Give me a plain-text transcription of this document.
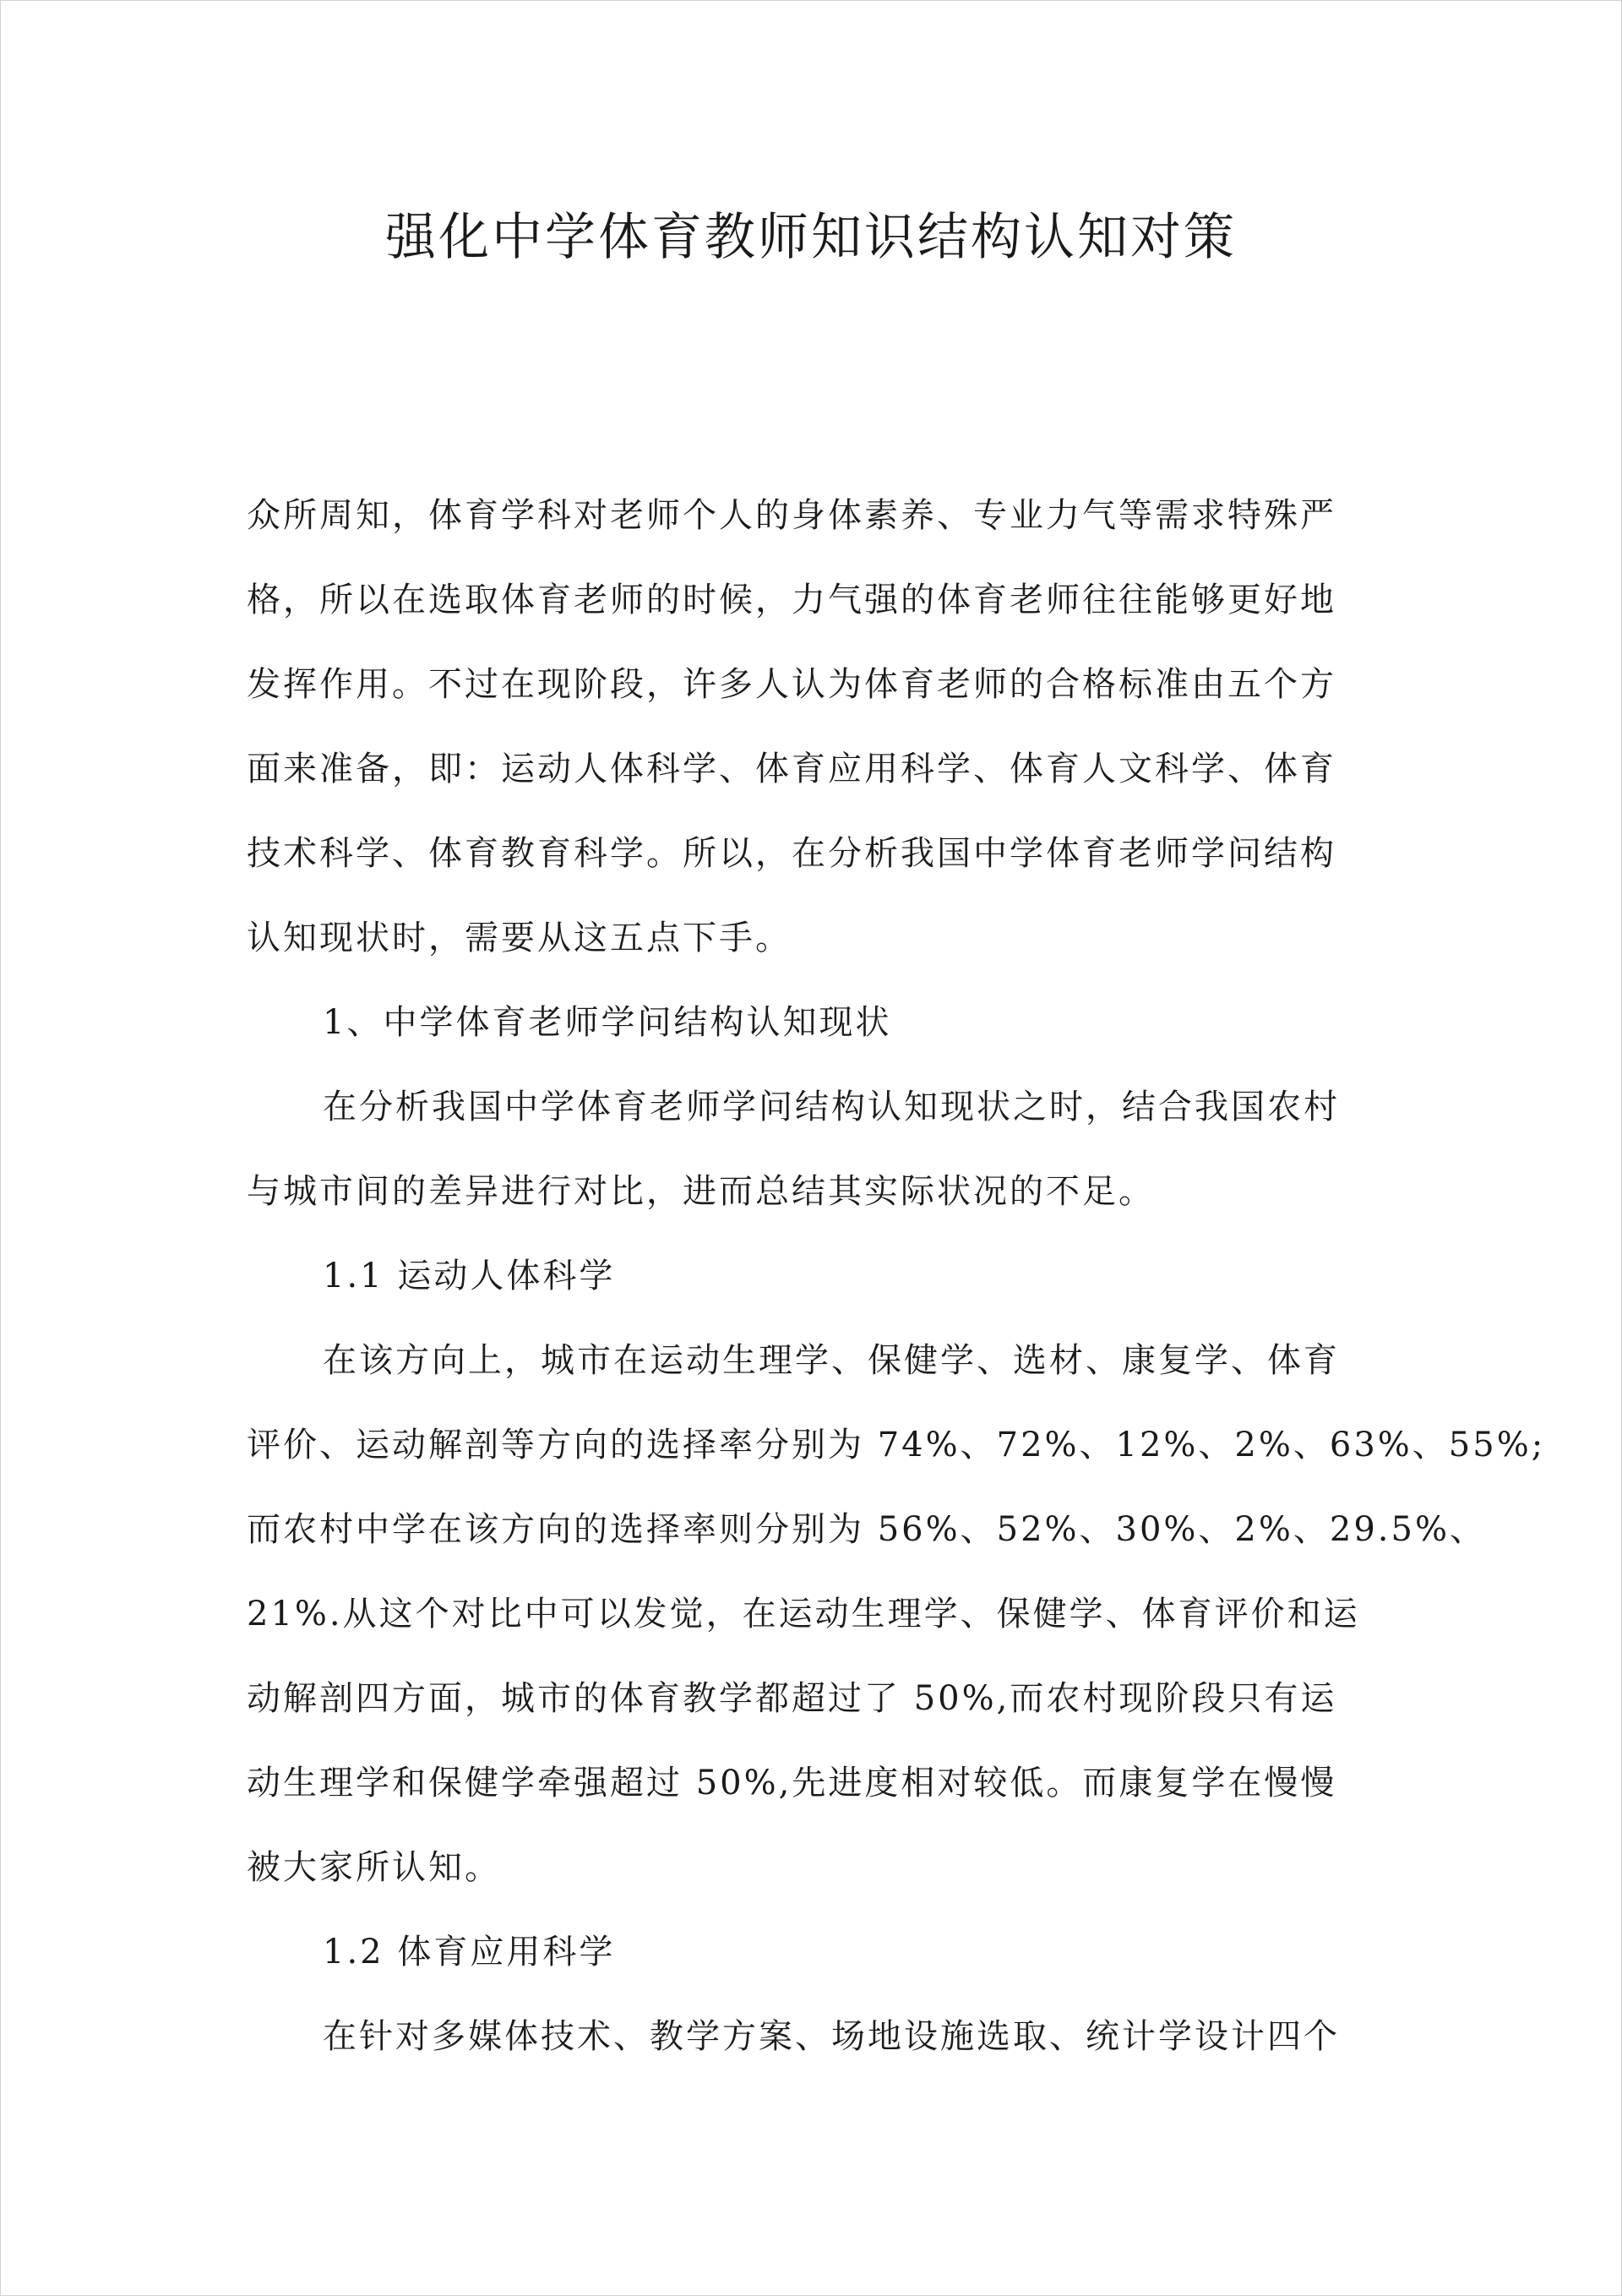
强化中学体育教师知识结构认知对策

众所周知，体育学科对老师个人的身体素养、专业力气等需求特殊严

格，所以在选取体育老师的时候，力气强的体育老师往往能够更好地

发挥作用。不过在现阶段，许多人认为体育老师的合格标准由五个方

面来准备，即：运动人体科学、体育应用科学、体育人文科学、体育

技术科学、体育教育科学。所以，在分析我国中学体育老师学问结构

认知现状时，需要从这五点下手。

1、中学体育老师学问结构认知现状

在分析我国中学体育老师学问结构认知现状之时，结合我国农村

与城市间的差异进行对比，进而总结其实际状况的不足。

1.1 运动人体科学

在该方向上，城市在运动生理学、保健学、选材、康复学、体育

评价、运动解剖等方向的选择率分别为 74%、72%、12%、2%、63%、55%;

而农村中学在该方向的选择率则分别为 56%、52%、30%、2%、29.5%、

21%.从这个对比中可以发觉，在运动生理学、保健学、体育评价和运

动解剖四方面，城市的体育教学都超过了 50%,而农村现阶段只有运

动生理学和保健学牵强超过 50%,先进度相对较低。而康复学在慢慢

被大家所认知。

1.2 体育应用科学

在针对多媒体技术、教学方案、场地设施选取、统计学设计四个
